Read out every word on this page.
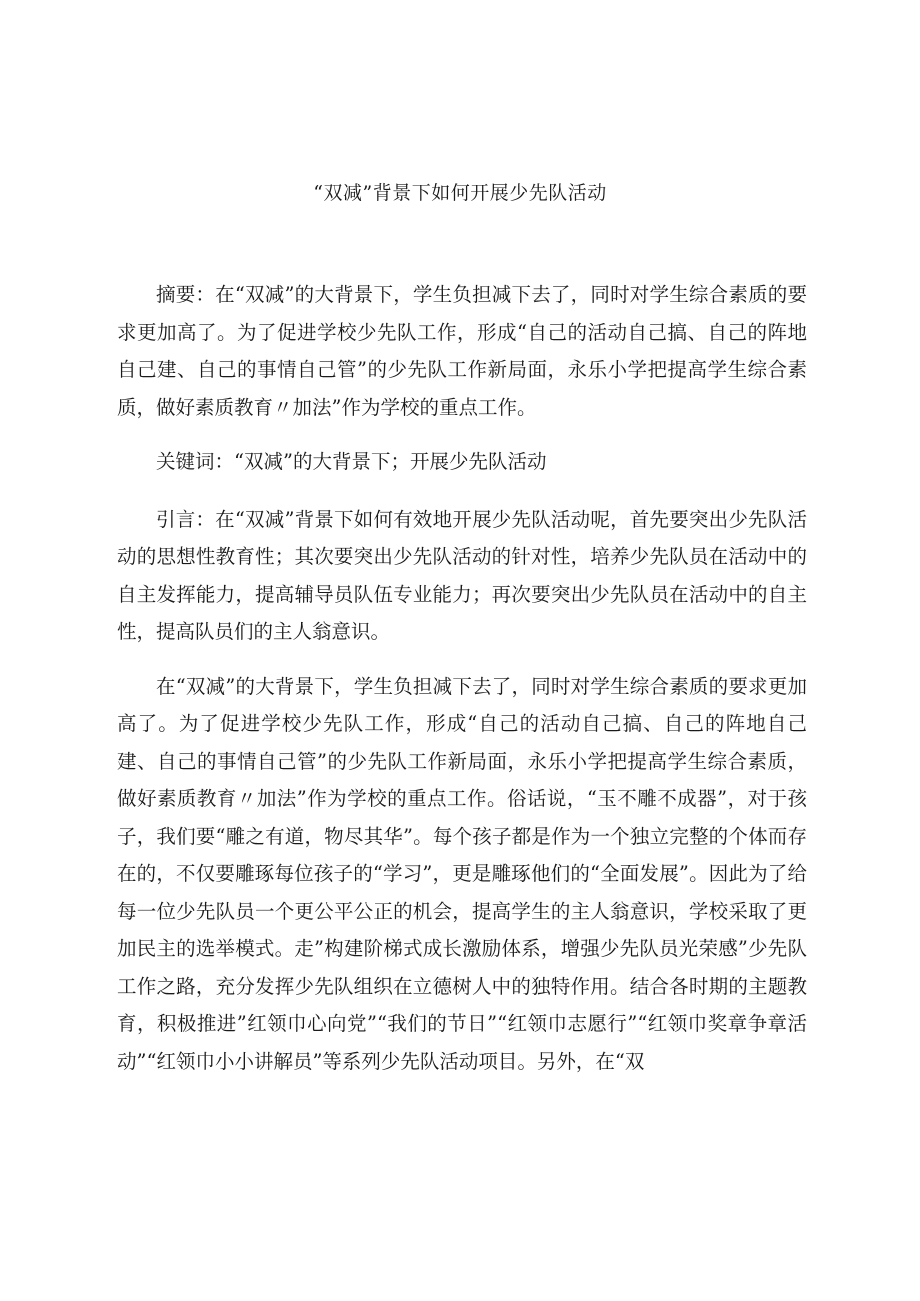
“双减”背景下如何开展少先队活动

摘要：在“双减”的大背景下，学生负担减下去了，同时对学生综合素质的要求更加高了。为了促进学校少先队工作，形成“自己的活动自己搞、自己的阵地自己建、自己的事情自己管”的少先队工作新局面，永乐小学把提高学生综合素质，做好素质教育〃加法”作为学校的重点工作。

关键词：“双减”的大背景下；开展少先队活动

引言：在“双减”背景下如何有效地开展少先队活动呢，首先要突出少先队活动的思想性教育性；其次要突出少先队活动的针对性，培养少先队员在活动中的自主发挥能力，提高辅导员队伍专业能力；再次要突出少先队员在活动中的自主性，提高队员们的主人翁意识。

在“双减”的大背景下，学生负担减下去了，同时对学生综合素质的要求更加高了。为了促进学校少先队工作，形成“自己的活动自己搞、自己的阵地自己建、自己的事情自己管”的少先队工作新局面，永乐小学把提高学生综合素质，做好素质教育〃加法”作为学校的重点工作。俗话说，“玉不雕不成器”，对于孩子，我们要“雕之有道，物尽其华”。每个孩子都是作为一个独立完整的个体而存在的，不仅要雕琢每位孩子的“学习”，更是雕琢他们的“全面发展”。因此为了给每一位少先队员一个更公平公正的机会，提高学生的主人翁意识，学校采取了更加民主的选举模式。走”构建阶梯式成长激励体系，增强少先队员光荣感”少先队工作之路，充分发挥少先队组织在立德树人中的独特作用。结合各时期的主题教育，积极推进”红领巾心向党”“我们的节日”“红领巾志愿行”“红领巾奖章争章活动”“红领巾小小讲解员”等系列少先队活动项目。另外，在“双
